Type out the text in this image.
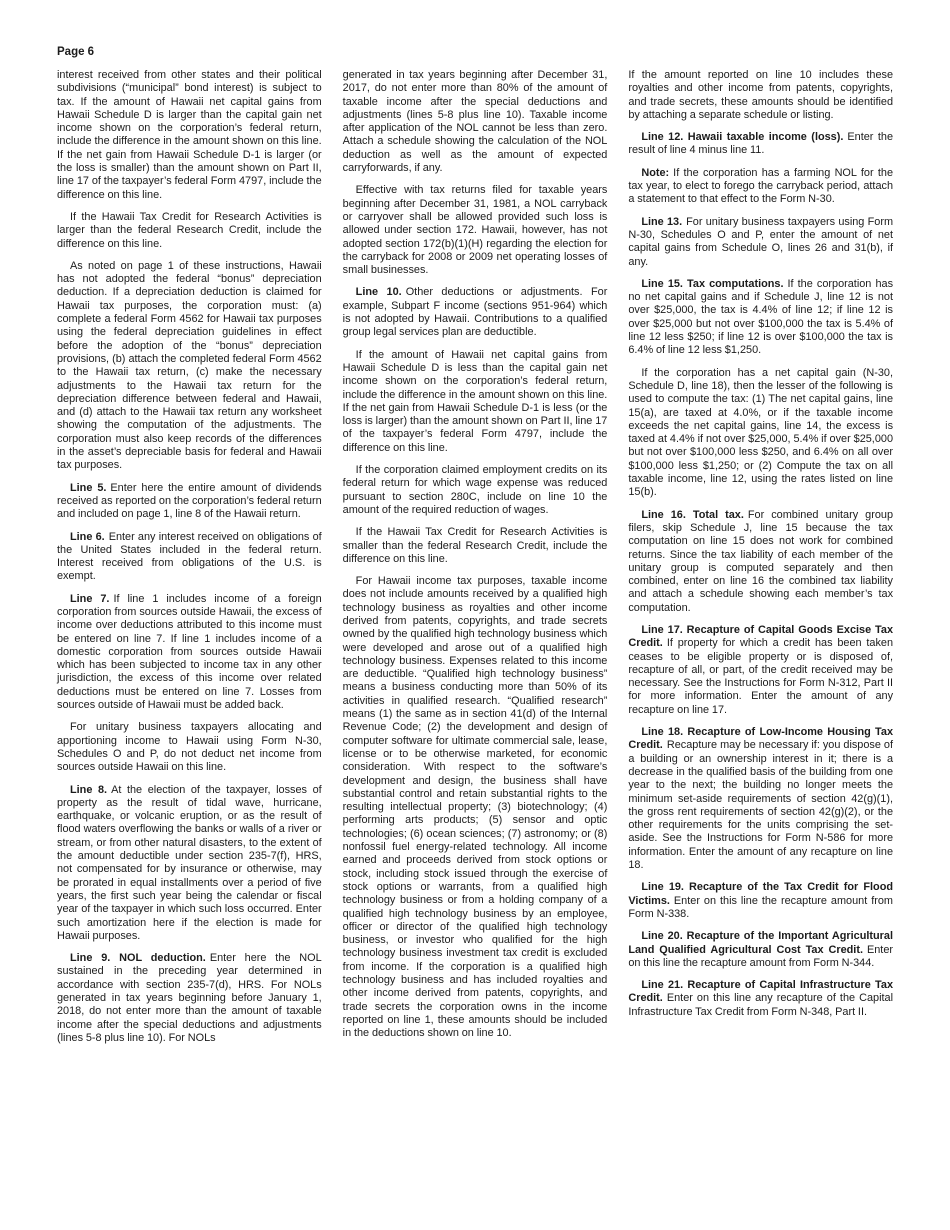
Page 6

interest received from other states and their political subdivisions (“municipal” bond interest) is subject to tax. If the amount of Hawaii net capital gains from Hawaii Schedule D is larger than the capital gain net income shown on the corporation’s federal return, include the difference in the amount shown on this line. If the net gain from Hawaii Schedule D-1 is larger (or the loss is smaller) than the amount shown on Part II, line 17 of the taxpayer’s federal Form 4797, include the difference on this line.

If the Hawaii Tax Credit for Research Activities is larger than the federal Research Credit, include the difference on this line.

As noted on page 1 of these instructions, Hawaii has not adopted the federal “bonus” depreciation deduction. If a depreciation deduction is claimed for Hawaii tax purposes, the corporation must: (a) complete a federal Form 4562 for Hawaii tax purposes using the federal depreciation guidelines in effect before the adoption of the “bonus” depreciation provisions, (b) attach the completed federal Form 4562 to the Hawaii tax return, (c) make the necessary adjustments to the Hawaii tax return for the depreciation difference between federal and Hawaii, and (d) attach to the Hawaii tax return any worksheet showing the computation of the adjustments. The corporation must also keep records of the differences in the asset’s depreciable basis for federal and Hawaii tax purposes.

Line 5. Enter here the entire amount of dividends received as reported on the corporation’s federal return and included on page 1, line 8 of the Hawaii return.

Line 6. Enter any interest received on obligations of the United States included in the federal return. Interest received from obligations of the U.S. is exempt.

Line 7. If line 1 includes income of a foreign corporation from sources outside Hawaii, the excess of income over deductions attributed to this income must be entered on line 7. If line 1 includes income of a domestic corporation from sources outside Hawaii which has been subjected to income tax in any other jurisdiction, the excess of this income over related deductions must be entered on line 7. Losses from sources outside of Hawaii must be added back.

For unitary business taxpayers allocating and apportioning income to Hawaii using Form N-30, Schedules O and P, do not deduct net income from sources outside Hawaii on this line.

Line 8. At the election of the taxpayer, losses of property as the result of tidal wave, hurricane, earthquake, or volcanic eruption, or as the result of flood waters overflowing the banks or walls of a river or stream, or from other natural disasters, to the extent of the amount deductible under section 235-7(f), HRS, not compensated for by insurance or otherwise, may be prorated in equal installments over a period of five years, the first such year being the calendar or fiscal year of the taxpayer in which such loss occurred. Enter such amortization here if the election is made for Hawaii purposes.

Line 9. NOL deduction. Enter here the NOL sustained in the preceding year determined in accordance with section 235-7(d), HRS. For NOLs generated in tax years beginning before January 1, 2018, do not enter more than the amount of taxable income after the special deductions and adjustments (lines 5-8 plus line 10). For NOLs

generated in tax years beginning after December 31, 2017, do not enter more than 80% of the amount of taxable income after the special deductions and adjustments (lines 5-8 plus line 10). Taxable income after application of the NOL cannot be less than zero. Attach a schedule showing the calculation of the NOL deduction as well as the amount of expected carryforwards, if any.

Effective with tax returns filed for taxable years beginning after December 31, 1981, a NOL carryback or carryover shall be allowed provided such loss is allowed under section 172. Hawaii, however, has not adopted section 172(b)(1)(H) regarding the election for the carryback for 2008 or 2009 net operating losses of small businesses.

Line 10. Other deductions or adjustments. For example, Subpart F income (sections 951-964) which is not adopted by Hawaii. Contributions to a qualified group legal services plan are deductible.

If the amount of Hawaii net capital gains from Hawaii Schedule D is less than the capital gain net income shown on the corporation’s federal return, include the difference in the amount shown on this line. If the net gain from Hawaii Schedule D-1 is less (or the loss is larger) than the amount shown on Part II, line 17 of the taxpayer’s federal Form 4797, include the difference on this line.

If the corporation claimed employment credits on its federal return for which wage expense was reduced pursuant to section 280C, include on line 10 the amount of the required reduction of wages.

If the Hawaii Tax Credit for Research Activities is smaller than the federal Research Credit, include the difference on this line.

For Hawaii income tax purposes, taxable income does not include amounts received by a qualified high technology business as royalties and other income derived from patents, copyrights, and trade secrets owned by the qualified high technology business which were developed and arose out of a qualified high technology business. Expenses related to this income are deductible. “Qualified high technology business” means a business conducting more than 50% of its activities in qualified research. “Qualified research” means (1) the same as in section 41(d) of the Internal Revenue Code; (2) the development and design of computer software for ultimate commercial sale, lease, license or to be otherwise marketed, for economic consideration. With respect to the software’s development and design, the business shall have substantial control and retain substantial rights to the resulting intellectual property; (3) biotechnology; (4) performing arts products; (5) sensor and optic technologies; (6) ocean sciences; (7) astronomy; or (8) nonfossil fuel energy-related technology. All income earned and proceeds derived from stock options or stock, including stock issued through the exercise of stock options or warrants, from a qualified high technology business or from a holding company of a qualified high technology business by an employee, officer or director of the qualified high technology business, or investor who qualified for the high technology business investment tax credit is excluded from income. If the corporation is a qualified high technology business and has included royalties and other income derived from patents, copyrights, and trade secrets the corporation owns in the income reported on line 1, these amounts should be included in the deductions shown on line 10.

If the amount reported on line 10 includes these royalties and other income from patents, copyrights, and trade secrets, these amounts should be identified by attaching a separate schedule or listing.

Line 12. Hawaii taxable income (loss). Enter the result of line 4 minus line 11.

Note: If the corporation has a farming NOL for the tax year, to elect to forego the carryback period, attach a statement to that effect to the Form N-30.

Line 13. For unitary business taxpayers using Form N-30, Schedules O and P, enter the amount of net capital gains from Schedule O, lines 26 and 31(b), if any.

Line 15. Tax computations. If the corporation has no net capital gains and if Schedule J, line 12 is not over $25,000, the tax is 4.4% of line 12; if line 12 is over $25,000 but not over $100,000 the tax is 5.4% of line 12 less $250; if line 12 is over $100,000 the tax is 6.4% of line 12 less $1,250.

If the corporation has a net capital gain (N-30, Schedule D, line 18), then the lesser of the following is used to compute the tax: (1) The net capital gains, line 15(a), are taxed at 4.0%, or if the taxable income exceeds the net capital gains, line 14, the excess is taxed at 4.4% if not over $25,000, 5.4% if over $25,000 but not over $100,000 less $250, and 6.4% on all over $100,000 less $1,250; or (2) Compute the tax on all taxable income, line 12, using the rates listed on line 15(b).

Line 16. Total tax. For combined unitary group filers, skip Schedule J, line 15 because the tax computation on line 15 does not work for combined returns. Since the tax liability of each member of the unitary group is computed separately and then combined, enter on line 16 the combined tax liability and attach a schedule showing each member’s tax computation.

Line 17. Recapture of Capital Goods Excise Tax Credit. If property for which a credit has been taken ceases to be eligible property or is disposed of, recapture of all, or part, of the credit received may be necessary. See the Instructions for Form N-312, Part II for more information. Enter the amount of any recapture on line 17.

Line 18. Recapture of Low-Income Housing Tax Credit. Recapture may be necessary if: you dispose of a building or an ownership interest in it; there is a decrease in the qualified basis of the building from one year to the next; the building no longer meets the minimum set-aside requirements of section 42(g)(1), the gross rent requirements of section 42(g)(2), or the other requirements for the units comprising the set-aside. See the Instructions for Form N-586 for more information. Enter the amount of any recapture on line 18.

Line 19. Recapture of the Tax Credit for Flood Victims. Enter on this line the recapture amount from Form N-338.

Line 20. Recapture of the Important Agricultural Land Qualified Agricultural Cost Tax Credit. Enter on this line the recapture amount from Form N-344.

Line 21. Recapture of Capital Infrastructure Tax Credit. Enter on this line any recapture of the Capital Infrastructure Tax Credit from Form N-348, Part II.
